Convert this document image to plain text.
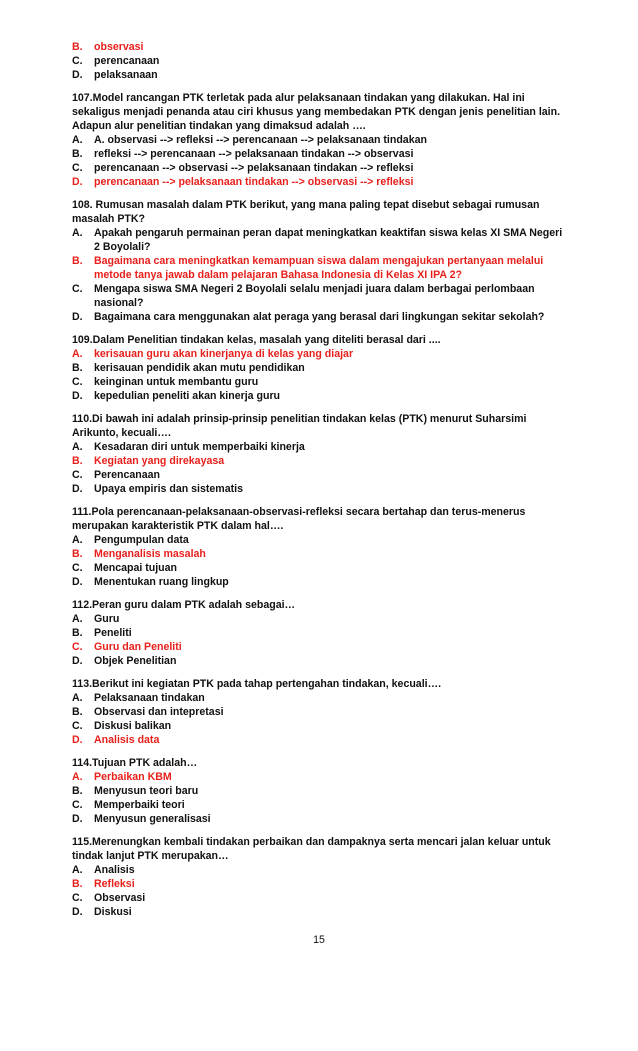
B.	observasi
C.	perencanaan
D.	pelaksanaan
107.Model rancangan PTK terletak pada alur pelaksanaan tindakan yang dilakukan. Hal ini sekaligus menjadi penanda atau ciri khusus yang membedakan PTK dengan jenis penelitian lain. Adapun alur penelitian tindakan yang dimaksud adalah ….
A.	A. observasi --> refleksi --> perencanaan --> pelaksanaan tindakan
B.	refleksi --> perencanaan --> pelaksanaan tindakan --> observasi
C.	perencanaan --> observasi --> pelaksanaan tindakan --> refleksi
D.	perencanaan --> pelaksanaan tindakan --> observasi --> refleksi
108. Rumusan masalah dalam PTK berikut, yang mana paling tepat disebut sebagai rumusan masalah PTK?
A.	Apakah pengaruh permainan peran dapat meningkatkan keaktifan siswa kelas XI SMA Negeri 2 Boyolali?
B.	Bagaimana cara meningkatkan kemampuan siswa dalam mengajukan pertanyaan melalui metode tanya jawab dalam pelajaran Bahasa Indonesia di Kelas XI IPA 2?
C.	Mengapa siswa SMA Negeri 2 Boyolali selalu menjadi juara dalam berbagai perlombaan nasional?
D.	Bagaimana cara menggunakan alat peraga yang berasal dari lingkungan sekitar sekolah?
109.Dalam Penelitian tindakan kelas, masalah yang diteliti berasal dari ....
A.	kerisauan guru akan kinerjanya di kelas yang diajar
B.	kerisauan pendidik akan mutu pendidikan
C.	keinginan untuk membantu guru
D.	kepedulian peneliti akan kinerja guru
110.Di bawah ini adalah prinsip-prinsip penelitian tindakan kelas (PTK) menurut Suharsimi Arikunto, kecuali….
A.	Kesadaran diri untuk memperbaiki kinerja
B.	Kegiatan yang direkayasa
C.	Perencanaan
D.	Upaya empiris dan sistematis
111.Pola perencanaan-pelaksanaan-observasi-refleksi secara bertahap dan terus-menerus merupakan karakteristik PTK dalam hal….
A.	Pengumpulan data
B.	Menganalisis masalah
C.	Mencapai tujuan
D.	Menentukan ruang lingkup
112.Peran guru dalam PTK adalah sebagai…
A.	Guru
B.	Peneliti
C.	Guru dan Peneliti
D.	Objek Penelitian
113.Berikut ini kegiatan PTK pada tahap pertengahan tindakan, kecuali….
A.	Pelaksanaan tindakan
B.	Observasi dan intepretasi
C.	Diskusi balikan
D.	Analisis data
114.Tujuan PTK adalah…
A.	Perbaikan KBM
B.	Menyusun teori baru
C.	Memperbaiki teori
D.	Menyusun generalisasi
115.Merenungkan kembali tindakan perbaikan dan dampaknya serta mencari jalan keluar untuk tindak lanjut PTK merupakan…
A.	Analisis
B.	Refleksi
C.	Observasi
D.	Diskusi
15
